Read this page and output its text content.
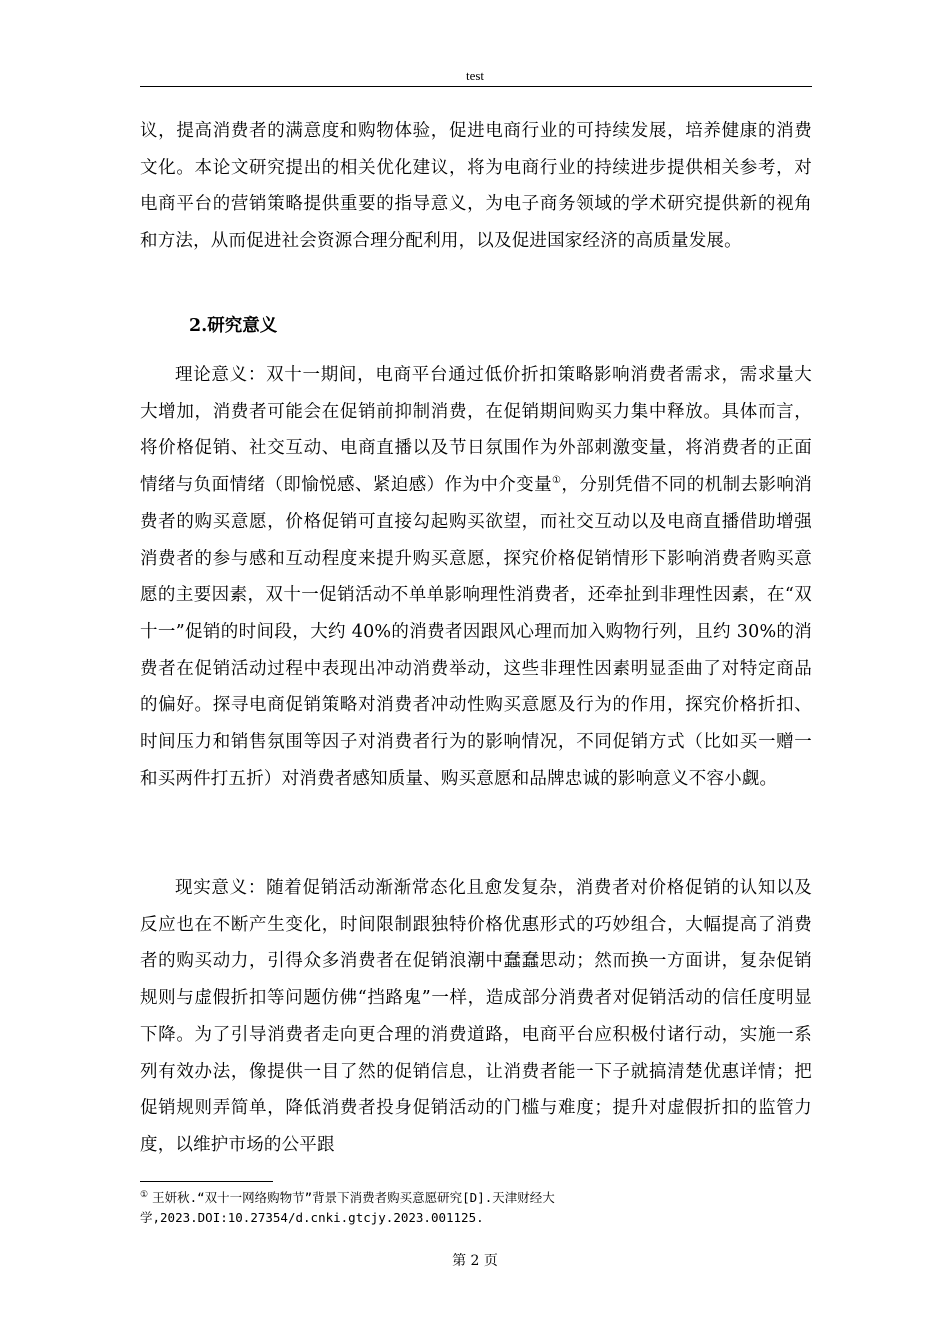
test

议，提高消费者的满意度和购物体验，促进电商行业的可持续发展，培养健康的消费文化。本论文研究提出的相关优化建议，将为电商行业的持续进步提供相关参考，对电商平台的营销策略提供重要的指导意义，为电子商务领域的学术研究提供新的视角和方法，从而促进社会资源合理分配利用，以及促进国家经济的高质量发展。

2.研究意义

理论意义：双十一期间，电商平台通过低价折扣策略影响消费者需求，需求量大大增加，消费者可能会在促销前抑制消费，在促销期间购买力集中释放。具体而言，将价格促销、社交互动、电商直播以及节日氛围作为外部刺激变量，将消费者的正面情绪与负面情绪（即愉悦感、紧迫感）作为中介变量①，分别凭借不同的机制去影响消费者的购买意愿，价格促销可直接勾起购买欲望，而社交互动以及电商直播借助增强消费者的参与感和互动程度来提升购买意愿，探究价格促销情形下影响消费者购买意愿的主要因素，双十一促销活动不单单影响理性消费者，还牵扯到非理性因素，在“双十一”促销的时间段，大约 40%的消费者因跟风心理而加入购物行列，且约 30%的消费者在促销活动过程中表现出冲动消费举动，这些非理性因素明显歪曲了对特定商品的偏好。探寻电商促销策略对消费者冲动性购买意愿及行为的作用，探究价格折扣、时间压力和销售氛围等因子对消费者行为的影响情况，不同促销方式（比如买一赠一和买两件打五折）对消费者感知质量、购买意愿和品牌忠诚的影响意义不容小觑。

现实意义：随着促销活动渐渐常态化且愈发复杂，消费者对价格促销的认知以及反应也在不断产生变化，时间限制跟独特价格优惠形式的巧妙组合，大幅提高了消费者的购买动力，引得众多消费者在促销浪潮中蠢蠢思动；然而换一方面讲，复杂促销规则与虚假折扣等问题仿佛“挡路鬼”一样，造成部分消费者对促销活动的信任度明显下降。为了引导消费者走向更合理的消费道路，电商平台应积极付诸行动，实施一系列有效办法，像提供一目了然的促销信息，让消费者能一下子就搞清楚优惠详情；把促销规则弄简单，降低消费者投身促销活动的门槛与难度；提升对虚假折扣的监管力度，以维护市场的公平跟

① 王妍秋.“双十一网络购物节”背景下消费者购买意愿研究[D].天津财经大学,2023.DOI:10.27354/d.cnki.gtcjy.2023.001125.

第 2 页
